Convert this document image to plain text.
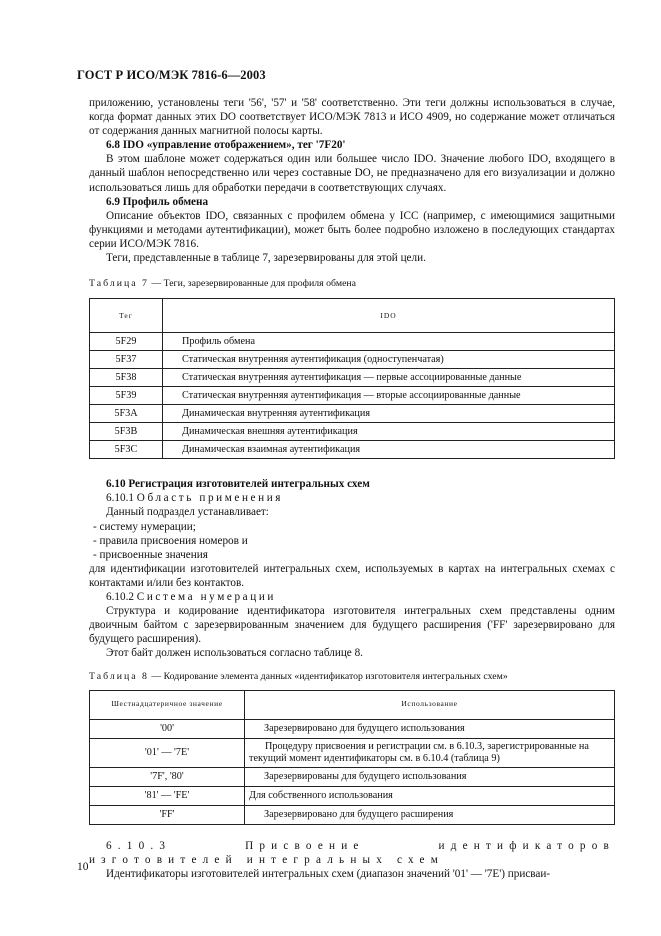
ГОСТ Р ИСО/МЭК 7816-6—2003

приложению, установлены теги '56', '57' и '58' соответственно. Эти теги должны использоваться в случае, когда формат данных этих DO соответствует ИСО/МЭК 7813 и ИСО 4909, но содержание может отличаться от содержания данных магнитной полосы карты.

6.8 IDO «управление отображением», тег '7F20'

В этом шаблоне может содержаться один или большее число IDO. Значение любого IDO, входящего в данный шаблон непосредственно или через составные DO, не предназначено для его визуализации и должно использоваться лишь для обработки передачи в соответствующих случаях.

6.9 Профиль обмена

Описание объектов IDO, связанных с профилем обмена у ICC (например, с имеющимися защитными функциями и методами аутентификации), может быть более подробно изложено в последующих стандартах серии ИСО/МЭК 7816.

Теги, представленные в таблице 7, зарезервированы для этой цели.

Таблица 7 — Теги, зарезервированные для профиля обмена

Тег	IDO
5F29	Профиль обмена
5F37	Статическая внутренняя аутентификация (одноступенчатая)
5F38	Статическая внутренняя аутентификация — первые ассоциированные данные
5F39	Статическая внутренняя аутентификация — вторые ассоциированные данные
5F3A	Динамическая внутренняя аутентификация
5F3B	Динамическая внешняя аутентификация
5F3C	Динамическая взаимная аутентификация
6.10 Регистрация изготовителей интегральных схем

6.10.1 Область применения

Данный подраздел устанавливает:

- систему нумерации;
- правила присвоения номеров и
- присвоенные значения

для идентификации изготовителей интегральных схем, используемых в картах на интегральных схемах с контактами и/или без контактов.

6.10.2 Система нумерации

Структура и кодирование идентификатора изготовителя интегральных схем представлены одним двоичным байтом с зарезервированным значением для будущего расширения ('FF' зарезервировано для будущего расширения).

Этот байт должен использоваться согласно таблице 8.

Таблица 8 — Кодирование элемента данных «идентификатор изготовителя интегральных схем»

Шестнадцатеричное значение	Использование
'00'	Зарезервировано для будущего использования
'01' — '7E'	Процедуру присвоения и регистрации см. в 6.10.3, зарегистрированные на текущий момент идентификаторы см. в 6.10.4 (таблица 9)
'7F', '80'	Зарезервированы для будущего использования
'81' — 'FE'	Для собственного использования
'FF'	Зарезервировано для будущего расширения

6.10.3 Присвоение идентификаторов изготовителей интегральных схем

Идентификаторы изготовителей интегральных схем (диапазон значений '01' — '7E') присваи-

10
